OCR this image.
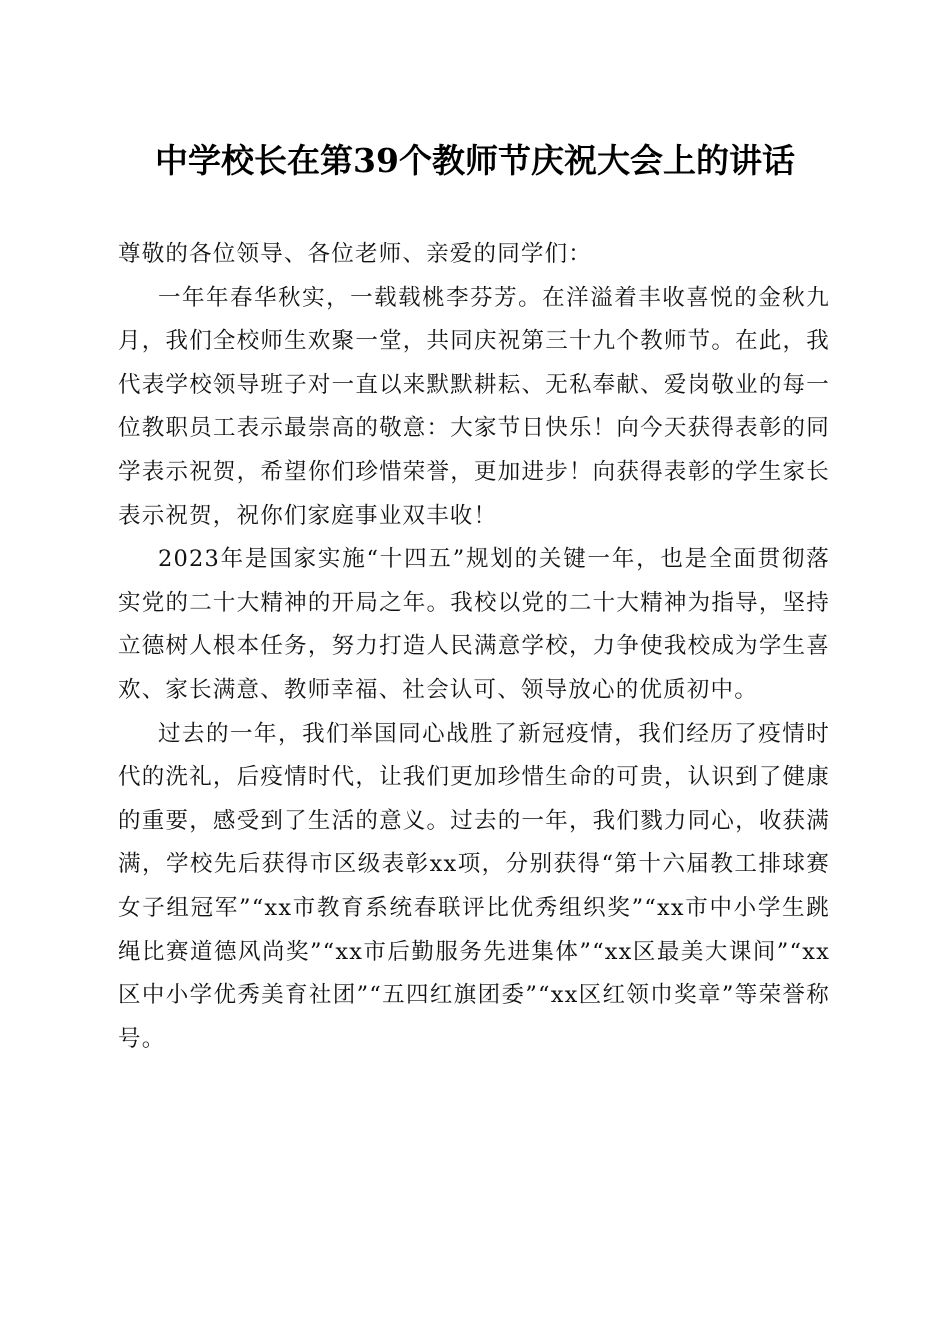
中学校长在第39个教师节庆祝大会上的讲话

尊敬的各位领导、各位老师、亲爱的同学们：

一年年春华秋实，一载载桃李芬芳。在洋溢着丰收喜悦的金秋九月，我们全校师生欢聚一堂，共同庆祝第三十九个教师节。在此，我代表学校领导班子对一直以来默默耕耘、无私奉献、爱岗敬业的每一位教职员工表示最崇高的敬意：大家节日快乐！向今天获得表彰的同学表示祝贺，希望你们珍惜荣誉，更加进步！向获得表彰的学生家长表示祝贺，祝你们家庭事业双丰收！

2023年是国家实施“十四五”规划的关键一年，也是全面贯彻落实党的二十大精神的开局之年。我校以党的二十大精神为指导，坚持立德树人根本任务，努力打造人民满意学校，力争使我校成为学生喜欢、家长满意、教师幸福、社会认可、领导放心的优质初中。

过去的一年，我们举国同心战胜了新冠疫情，我们经历了疫情时代的洗礼，后疫情时代，让我们更加珍惜生命的可贵，认识到了健康的重要，感受到了生活的意义。过去的一年，我们戮力同心，收获满满，学校先后获得市区级表彰xx项，分别获得“第十六届教工排球赛女子组冠军”“xx市教育系统春联评比优秀组织奖”“xx市中小学生跳绳比赛道德风尚奖”“xx市后勤服务先进集体”“xx区最美大课间”“xx区中小学优秀美育社团”“五四红旗团委”“xx区红领巾奖章”等荣誉称号。
